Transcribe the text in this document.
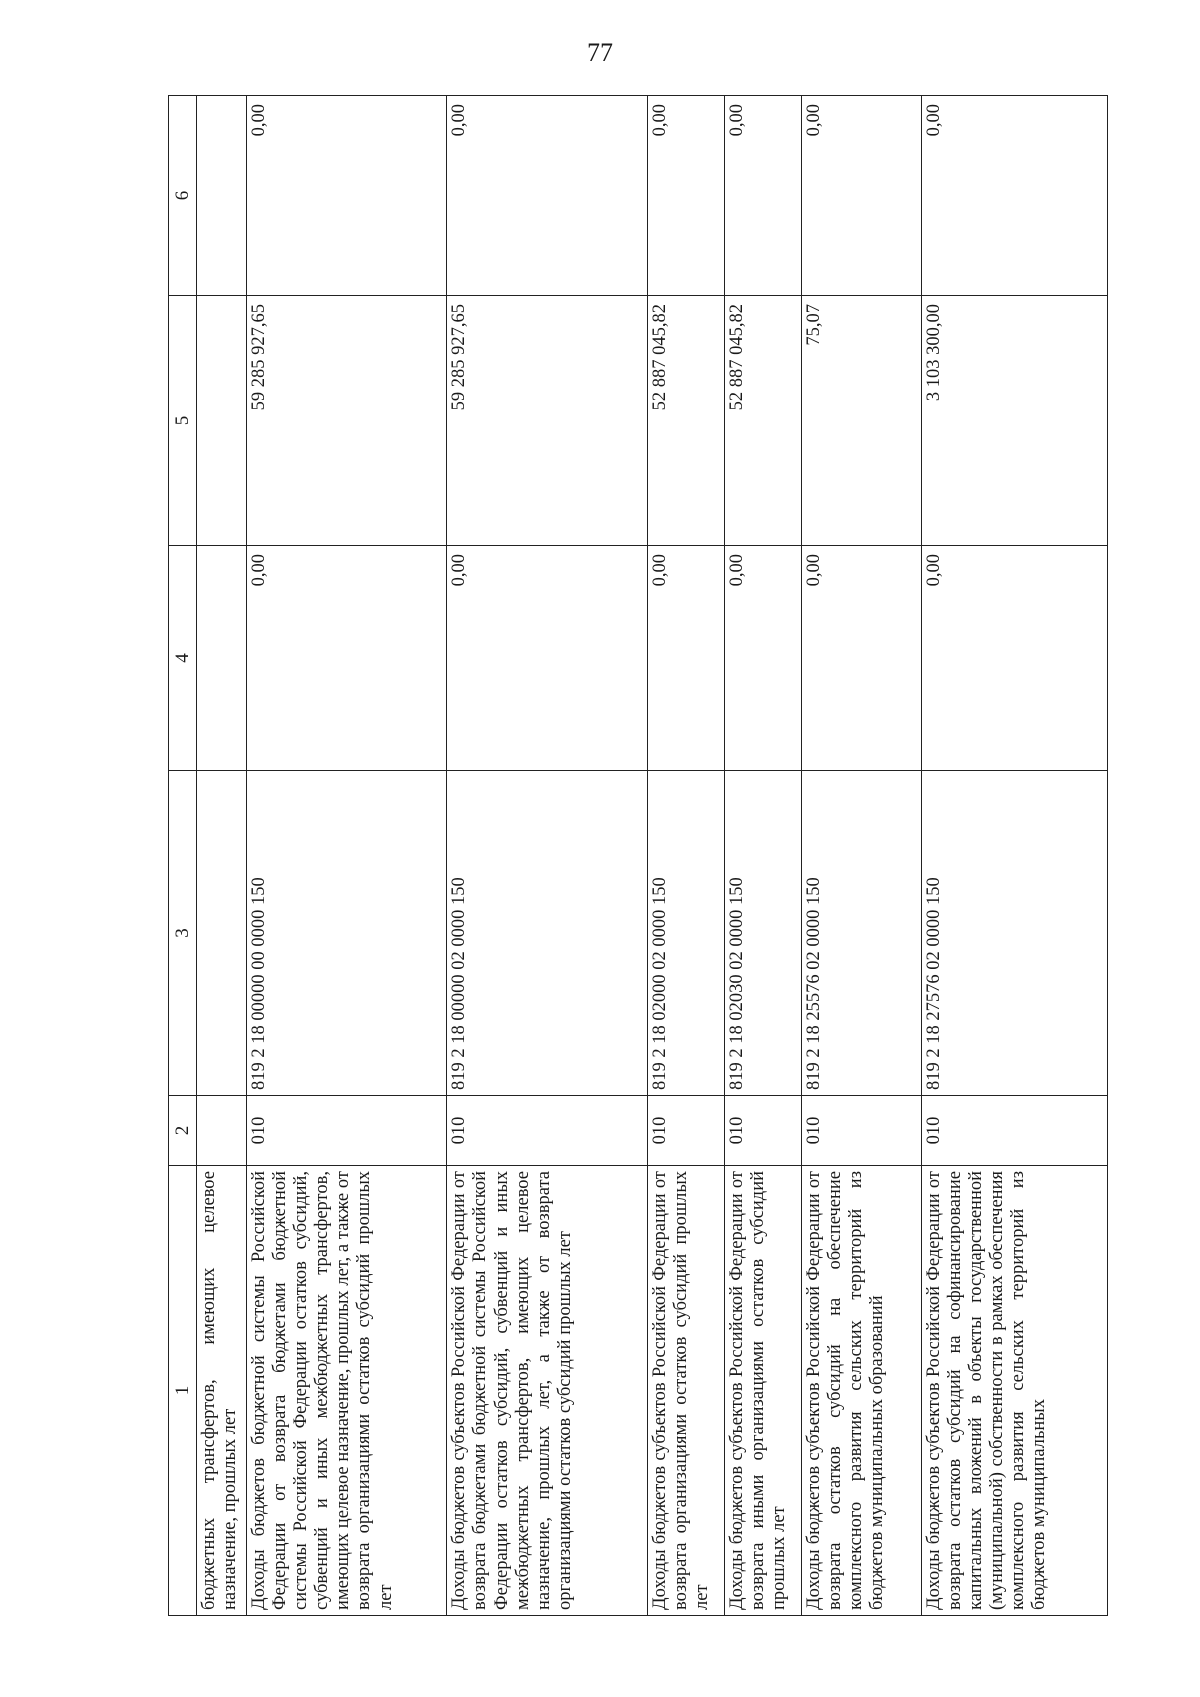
77
1	2	3	4	5	6
бюджетных трансфертов, имеющих целевое назначение, прошлых лет					
Доходы бюджетов бюджетной системы Российской Федерации от возврата бюджетами бюджетной системы Российской Федерации остатков субсидий, субвенций и иных межбюджетных трансфертов, имеющих целевое назначение, прошлых лет, а также от возврата организациями остатков субсидий прошлых лет	010	819 2 18 00000 00 0000 150	0,00	59 285 927,65	0,00
Доходы бюджетов субъектов Российской Федерации от возврата бюджетами бюджетной системы Российской Федерации остатков субсидий, субвенций и иных межбюджетных трансфертов, имеющих целевое назначение, прошлых лет, а также от возврата организациями остатков субсидий прошлых лет	010	819 2 18 00000 02 0000 150	0,00	59 285 927,65	0,00
Доходы бюджетов субъектов Российской Федерации от возврата организациями остатков субсидий прошлых лет	010	819 2 18 02000 02 0000 150	0,00	52 887 045,82	0,00
Доходы бюджетов субъектов Российской Федерации от возврата иными организациями остатков субсидий прошлых лет	010	819 2 18 02030 02 0000 150	0,00	52 887 045,82	0,00
Доходы бюджетов субъектов Российской Федерации от возврата остатков субсидий на обеспечение комплексного развития сельских территорий из бюджетов муниципальных образований	010	819 2 18 25576 02 0000 150	0,00	75,07	0,00
Доходы бюджетов субъектов Российской Федерации от возврата остатков субсидий на софинансирование капитальных вложений в объекты государственной (муниципальной) собственности в рамках обеспечения комплексного развития сельских территорий из бюджетов муниципальных	010	819 2 18 27576 02 0000 150	0,00	3 103 300,00	0,00
